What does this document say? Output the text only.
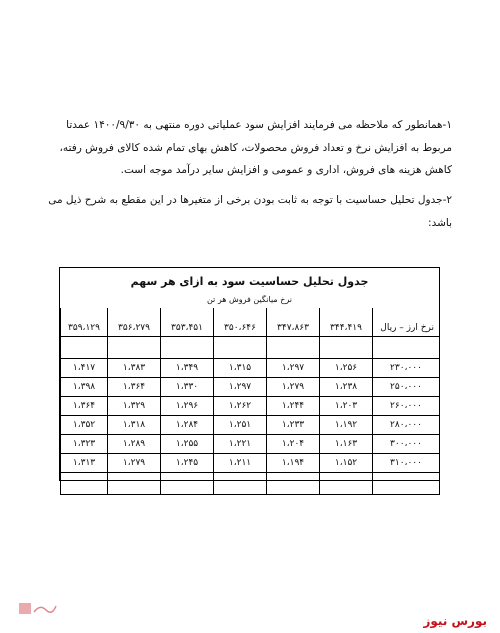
۱-همانطور که ملاحظه می فرمایند افزایش سود عملیاتی دوره منتهی به ۱۴۰۰/۹/۳۰ عمدتا مربوط به افزایش نرخ و تعداد فروش محصولات، کاهش بهای تمام شده کالای فروش رفته، کاهش هزینه های فروش، اداری و عمومی و افزایش سایر درآمد موجه است.

۲-جدول تحلیل حساسیت با توجه به ثابت بودن برخی از متغیرها در این مقطع به شرح ذیل می باشد:

جدول تحلیل حساسیت سود به ازای هر سهم
نرخ میانگین فروش هر تن

نرخ ارز – ریال	۳۴۴،۴۱۹	۳۴۷،۸۶۳	۳۵۰،۶۴۶	۳۵۳،۴۵۱	۳۵۶،۲۷۹	۳۵۹،۱۲۹

۲۳۰،۰۰۰	۱،۲۵۶	۱،۲۹۷	۱،۳۱۵	۱،۳۴۹	۱،۳۸۳	۱،۴۱۷
۲۵۰،۰۰۰	۱،۲۳۸	۱،۲۷۹	۱،۲۹۷	۱،۳۳۰	۱،۳۶۴	۱،۳۹۸
۲۶۰،۰۰۰	۱،۲۰۳	۱،۲۴۴	۱،۲۶۲	۱،۲۹۶	۱،۳۲۹	۱،۳۶۴
۲۸۰،۰۰۰	۱،۱۹۲	۱،۲۳۳	۱،۲۵۱	۱،۲۸۴	۱،۳۱۸	۱،۳۵۲
۳۰۰،۰۰۰	۱،۱۶۳	۱،۲۰۴	۱،۲۲۱	۱،۲۵۵	۱،۲۸۹	۱،۳۲۳
۳۱۰،۰۰۰	۱،۱۵۲	۱،۱۹۴	۱،۲۱۱	۱،۲۴۵	۱،۲۷۹	۱،۳۱۳

بورس نیوز
